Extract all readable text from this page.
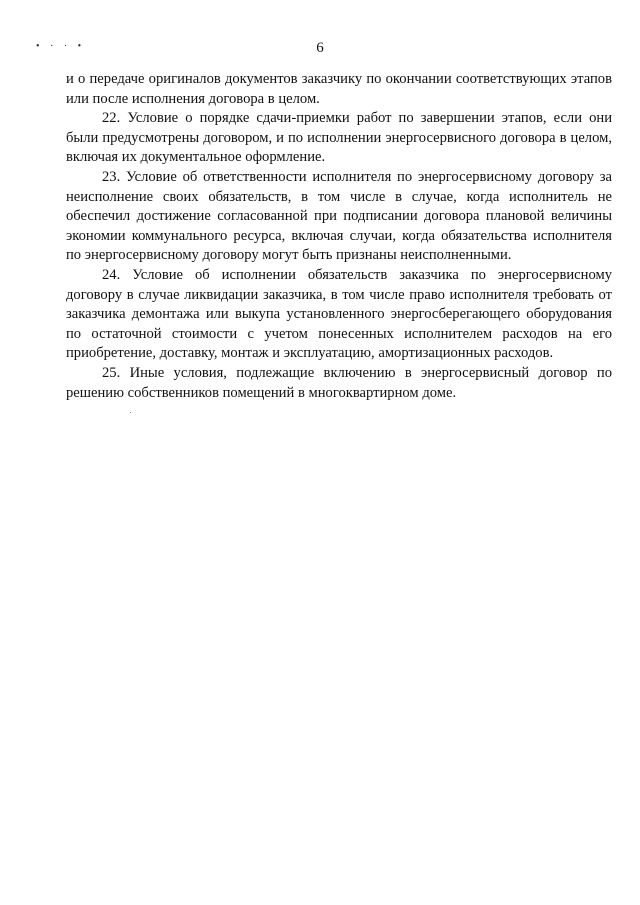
• · · •	6

и о передаче оригиналов документов заказчику по окончании соответствующих этапов или после исполнения договора в целом.

22. Условие о порядке сдачи-приемки работ по завершении этапов, если они были предусмотрены договором, и по исполнении энергосервисного договора в целом, включая их документальное оформление.

23. Условие об ответственности исполнителя по энергосервисному договору за неисполнение своих обязательств, в том числе в случае, когда исполнитель не обеспечил достижение согласованной при подписании договора плановой величины экономии коммунального ресурса, включая случаи, когда обязательства исполнителя по энергосервисному договору могут быть признаны неисполненными.

24. Условие об исполнении обязательств заказчика по энергосервисному договору в случае ликвидации заказчика, в том числе право исполнителя требовать от заказчика демонтажа или выкупа установленного энергосберегающего оборудования по остаточной стоимости с учетом понесенных исполнителем расходов на его приобретение, доставку, монтаж и эксплуатацию, амортизационных расходов.

25. Иные условия, подлежащие включению в энергосервисный договор по решению собственников помещений в многоквартирном доме.
